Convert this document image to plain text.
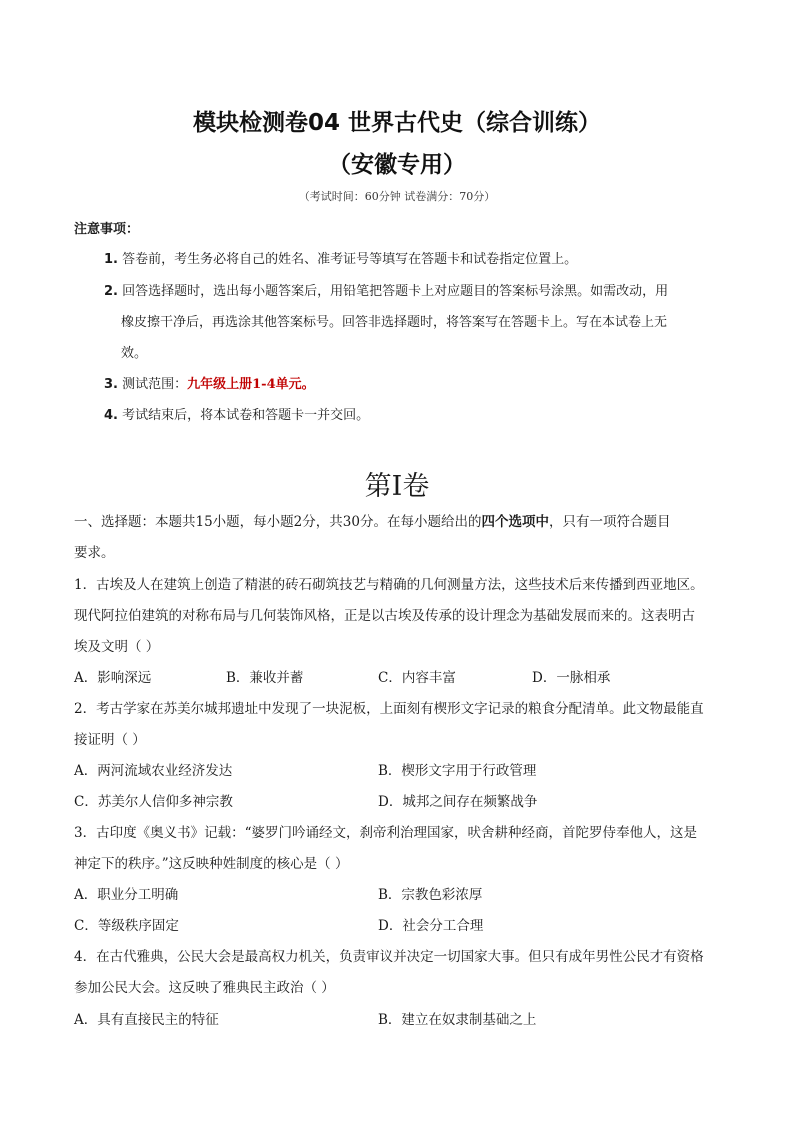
模块检测卷04 世界古代史（综合训练）
（安徽专用）
（考试时间：60分钟 试卷满分：70分）
注意事项：
1. 答卷前，考生务必将自己的姓名、准考证号等填写在答题卡和试卷指定位置上。
2. 回答选择题时，选出每小题答案后，用铅笔把答题卡上对应题目的答案标号涂黑。如需改动，用
橡皮擦干净后，再选涂其他答案标号。回答非选择题时，将答案写在答题卡上。写在本试卷上无
效。
3. 测试范围：九年级上册1-4单元。
4. 考试结束后，将本试卷和答题卡一并交回。
第Ⅰ卷
一、选择题：本题共15小题，每小题2分，共30分。在每小题给出的四个选项中，只有一项符合题目
要求。
1．古埃及人在建筑上创造了精湛的砖石砌筑技艺与精确的几何测量方法，这些技术后来传播到西亚地区。
现代阿拉伯建筑的对称布局与几何装饰风格，正是以古埃及传承的设计理念为基础发展而来的。这表明古
埃及文明（ ）
A．影响深远	B．兼收并蓄	C．内容丰富	D．一脉相承
2．考古学家在苏美尔城邦遗址中发现了一块泥板，上面刻有楔形文字记录的粮食分配清单。此文物最能直
接证明（ ）
A．两河流域农业经济发达	B．楔形文字用于行政管理
C．苏美尔人信仰多神宗教	D．城邦之间存在频繁战争
3．古印度《奥义书》记载：“婆罗门吟诵经文，刹帝利治理国家，吠舍耕种经商，首陀罗侍奉他人，这是
神定下的秩序。”这反映种姓制度的核心是（ ）
A．职业分工明确	B．宗教色彩浓厚
C．等级秩序固定	D．社会分工合理
4．在古代雅典，公民大会是最高权力机关，负责审议并决定一切国家大事。但只有成年男性公民才有资格
参加公民大会。这反映了雅典民主政治（ ）
A．具有直接民主的特征	B．建立在奴隶制基础之上
